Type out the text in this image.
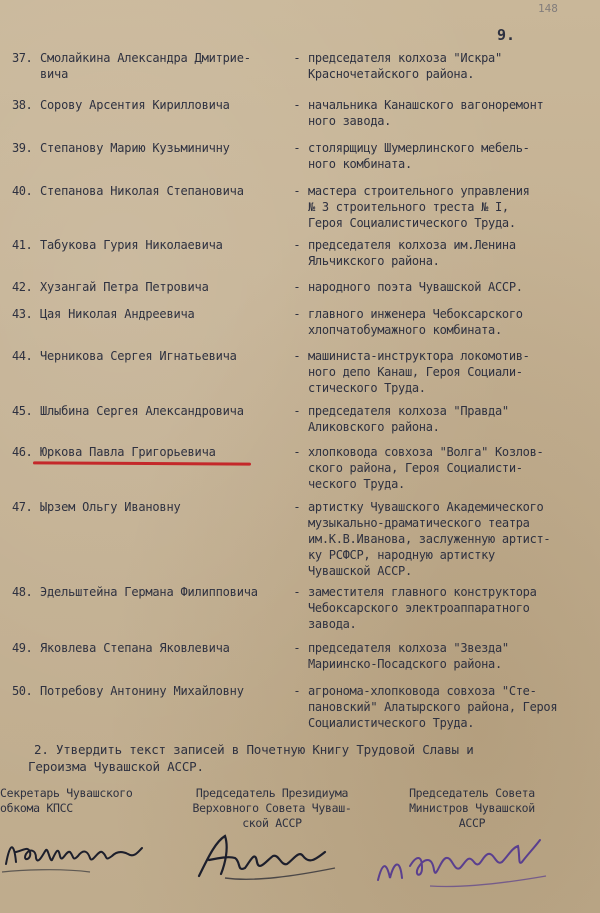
148
9.
37. Смолайкина Александра Дмитрие-
вича
- председателя колхоза "Искра"
Красночетайского района.
38. Сорову Арсентия Кирилловича	- начальника Канашского вагоноремонт
ного завода.
39. Степанову Марию Кузьминичну	- столярщицу Шумерлинского мебель-
ного комбината.
40. Степанова Николая Степановича	- мастера строительного управления
№ 3 строительного треста № I,
Героя Социалистического Труда.
41. Табукова Гурия Николаевича	- председателя колхоза им.Ленина
Яльчикского района.
42. Хузангай Петра Петровича	- народного поэта Чувашской АССР.
43. Цая Николая Андреевича	- главного инженера Чебоксарского
хлопчатобумажного комбината.
44. Черникова Сергея Игнатьевича	- машиниста-инструктора локомотив-
ного депо Канаш, Героя Социали-
стического Труда.
45. Шлыбина Сергея Александровича	- председателя колхоза "Правда"
Аликовского района.
46. Юркова Павла Григорьевича	- хлопковода совхоза "Волга" Козлов-
ского района, Героя Социалисти-
ческого Труда.
47. Ырзем Ольгу Ивановну	- артистку Чувашского Академического
музыкально-драматического театра
им.К.В.Иванова, заслуженную артист-
ку РСФСР, народную артистку
Чувашской АССР.
48. Эдельштейна Германа Филипповича	- заместителя главного конструктора
Чебоксарского электроаппаратного
завода.
49. Яковлева Степана Яковлевича	- председателя колхоза "Звезда"
Мариинско-Посадского района.
50. Потребову Антонину Михайловну	- агронома-хлопковода совхоза "Сте-
пановский" Алатырского района, Героя
Социалистического Труда.
2. Утвердить текст записей в Почетную Книгу Трудовой Славы и
Героизма Чувашской АССР.
Секретарь Чувашского
обкома КПСС
Председатель Президиума
Верховного Совета Чуваш-
ской АССР
Председатель Совета
Министров Чувашской
АССР
